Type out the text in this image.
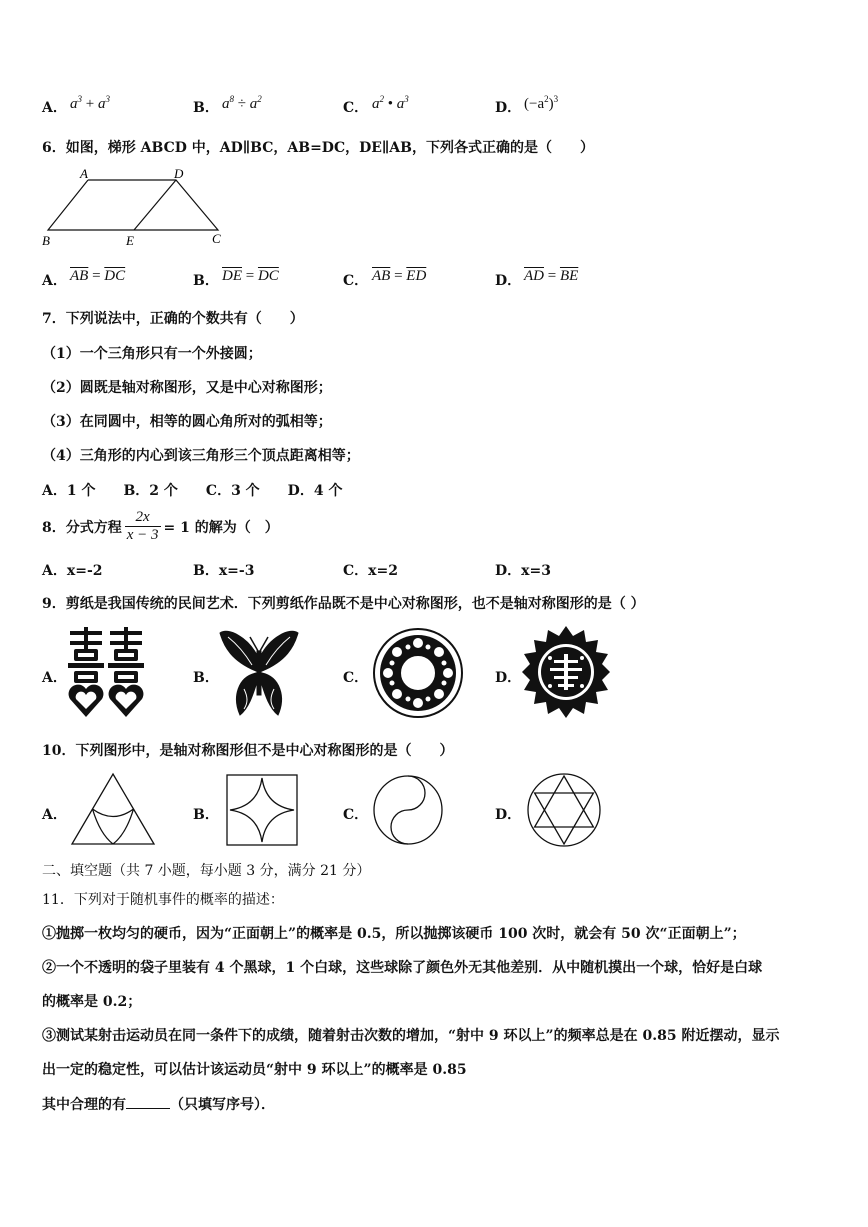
A． $a^3 + a^3$
B． $a^8 \div a^2$
C． $a^2$ • $a^3$
D． $(-a^2)^3$
6．如图，梯形 ABCD 中，AD∥BC，AB=DC，DE∥AB，下列各式正确的是（　　）
A	D
B	E	C
A． $\overline{AB} = \overline{DC}$	B． $\overline{DE} = \overline{DC}$	C． $\overline{AB} = \overline{ED}$	D． $\overline{AD} = \overline{BE}$
7．下列说法中，正确的个数共有（　　）
（1）一个三角形只有一个外接圆；
（2）圆既是轴对称图形，又是中心对称图形；
（3）在同圆中，相等的圆心角所对的弧相等；
（4）三角形的内心到该三角形三个顶点距离相等；
A．1 个　　B．2 个　　C．3 个　　D．4 个
8．分式方程 $\frac{2x}{x - 3} = 1$ 的解为（　）
A．x=-2	B．x=-3	C．x=2	D．x=3
9．剪纸是我国传统的民间艺术．下列剪纸作品既不是中心对称图形，也不是轴对称图形的是（ ）
A．	B．	C．	D．
10．下列图形中，是轴对称图形但不是中心对称图形的是（　　）
A．	B．	C．	D．
二、填空题（共 7 小题，每小题 3 分，满分 21 分）
11．下列对于随机事件的概率的描述：
①抛掷一枚均匀的硬币，因为“正面朝上”的概率是 0.5，所以抛掷该硬币 100 次时，就会有 50 次“正面朝上”；
②一个不透明的袋子里装有 4 个黑球，1 个白球，这些球除了颜色外无其他差别．从中随机摸出一个球，恰好是白球
的概率是 0.2；
③测试某射击运动员在同一条件下的成绩，随着射击次数的增加，“射中 9 环以上”的频率总是在 0.85 附近摆动，显示
出一定的稳定性，可以估计该运动员“射中 9 环以上”的概率是 0.85
其中合理的有	（只填写序号）．
